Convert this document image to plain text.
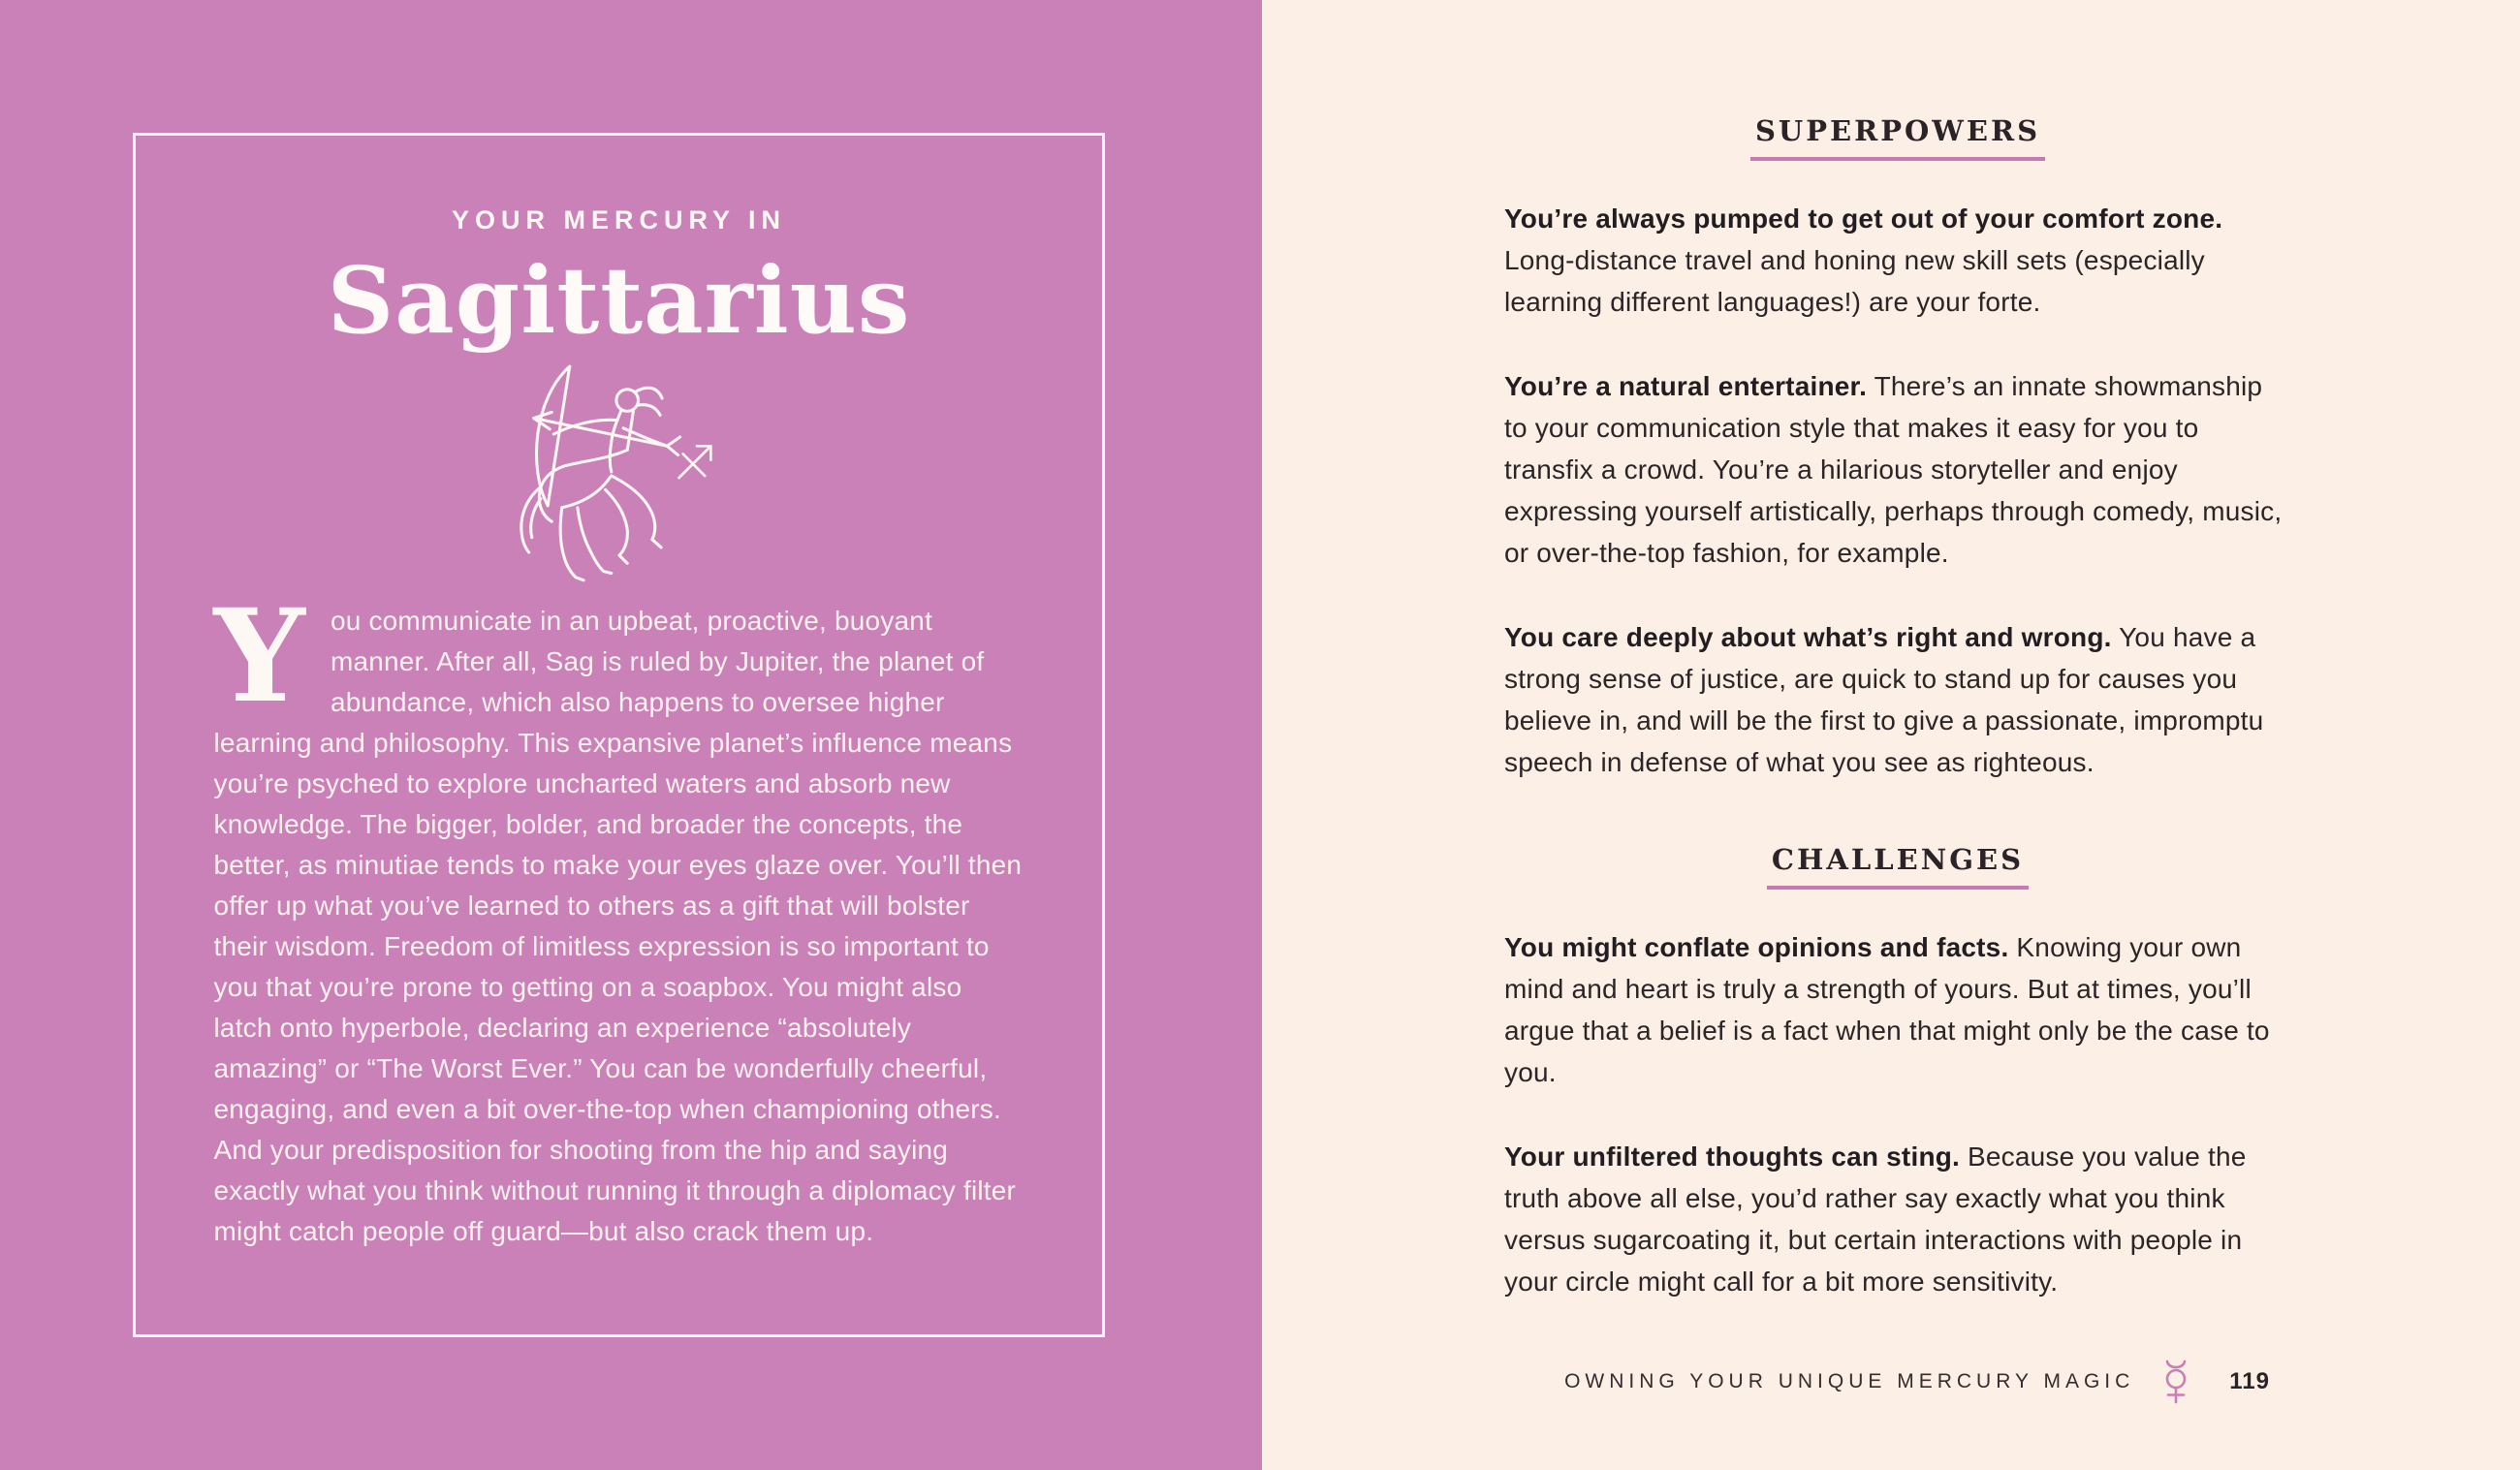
YOUR MERCURY IN
Sagittarius

You communicate in an upbeat, proactive, buoyant manner. After all, Sag is ruled by Jupiter, the planet of abundance, which also happens to oversee higher learning and philosophy. This expansive planet’s influence means you’re psyched to explore uncharted waters and absorb new knowledge. The bigger, bolder, and broader the concepts, the better, as minutiae tends to make your eyes glaze over. You’ll then offer up what you’ve learned to others as a gift that will bolster their wisdom. Freedom of limitless expression is so important to you that you’re prone to getting on a soapbox. You might also latch onto hyperbole, declaring an experience “absolutely amazing” or “The Worst Ever.” You can be wonderfully cheerful, engaging, and even a bit over-the-top when championing others. And your predisposition for shooting from the hip and saying exactly what you think without running it through a diplomacy filter might catch people off guard—but also crack them up.

SUPERPOWERS

You’re always pumped to get out of your comfort zone. Long-distance travel and honing new skill sets (especially learning different languages!) are your forte.

You’re a natural entertainer. There’s an innate showmanship to your communication style that makes it easy for you to transfix a crowd. You’re a hilarious storyteller and enjoy expressing yourself artistically, perhaps through comedy, music, or over-the-top fashion, for example.

You care deeply about what’s right and wrong. You have a strong sense of justice, are quick to stand up for causes you believe in, and will be the first to give a passionate, impromptu speech in defense of what you see as righteous.

CHALLENGES

You might conflate opinions and facts. Knowing your own mind and heart is truly a strength of yours. But at times, you’ll argue that a belief is a fact when that might only be the case to you.

Your unfiltered thoughts can sting. Because you value the truth above all else, you’d rather say exactly what you think versus sugarcoating it, but certain interactions with people in your circle might call for a bit more sensitivity.

OWNING YOUR UNIQUE MERCURY MAGIC	119
